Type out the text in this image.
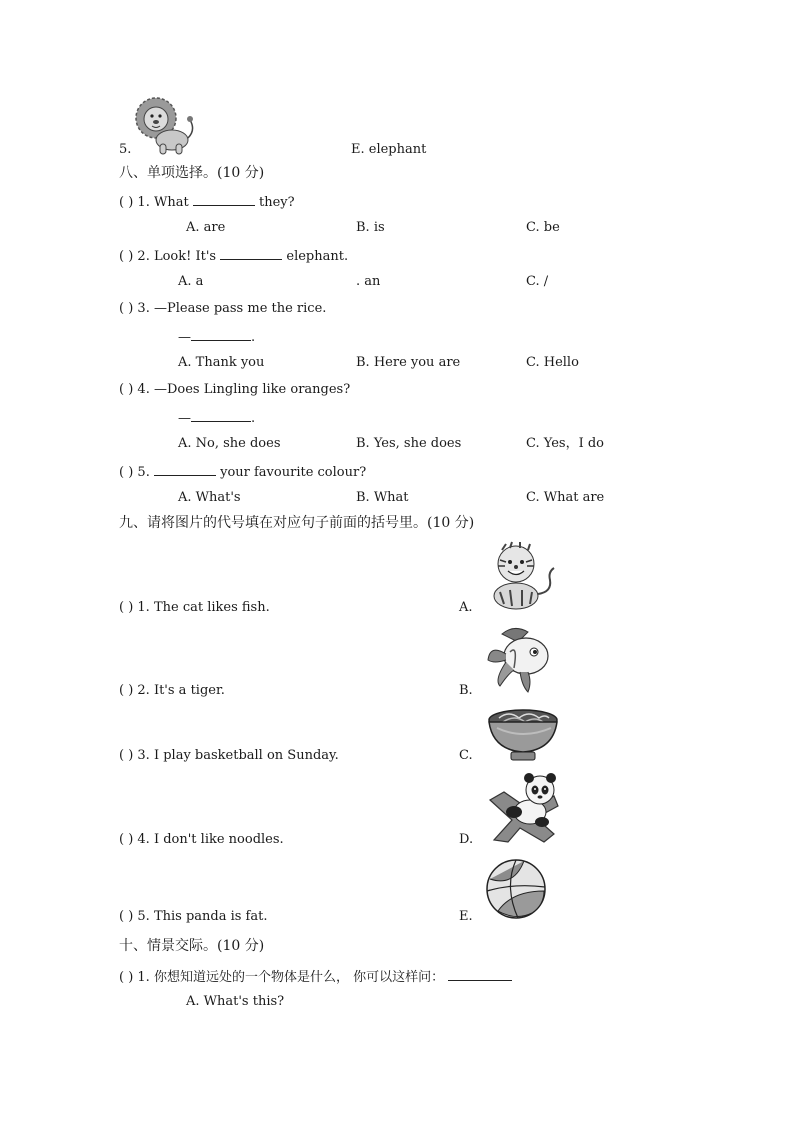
5.	E. elephant
八、单项选择。(10 分)
( ) 1. What	they?
A. are	B. is	C. be
( ) 2. Look! It's	elephant.
A. a	. an	C. /
( ) 3. —Please pass me the rice.
—	.
A. Thank you	B. Here you are	C. Hello
( ) 4. —Does Lingling like oranges?
—	.
A. No, she does	B. Yes, she does	C. Yes，I do
( ) 5.	your favourite colour?
A. What's	B. What	C. What are
九、请将图片的代号填在对应句子前面的括号里。(10 分)
( ) 1. The cat likes fish.	A.
( ) 2. It's a tiger.	B.
( ) 3. I play basketball on Sunday.	C.
( ) 4. I don't like noodles.	D.
( ) 5. This panda is fat.	E.
十、情景交际。(10 分)
( ) 1. 你想知道远处的一个物体是什么， 你可以这样问：
A. What's this?
